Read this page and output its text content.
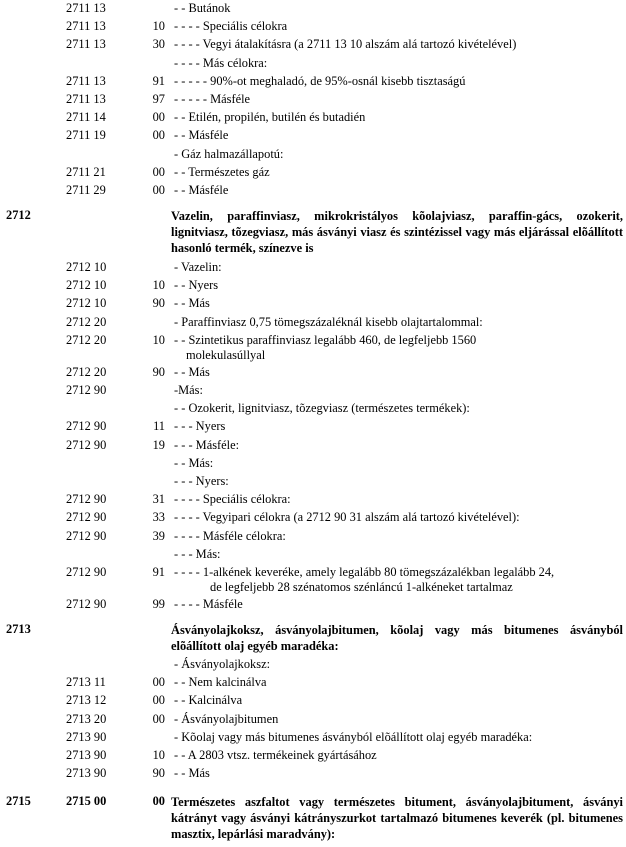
2711 13	- - Butánok
2711 13	10 - - - - Speciális célokra
2711 13	30 - - - - Vegyi átalakításra (a 2711 13 10 alszám alá tartozó kivételével)
- - - - Más célokra:
2711 13	91 - - - - - 90%-ot meghaladó, de 95%-osnál kisebb tisztaságú
2711 13	97 - - - - - Másféle
2711 14	00 - - Etilén, propilén, butilén és butadién
2711 19	00 - - Másféle
- Gáz halmazállapotú:
2711 21	00 - - Természetes gáz
2711 29	00 - - Másféle
2712	Vazelin, paraffinviasz, mikrokristályos kõolajviasz, paraffin-gács, ozokerit, lignitviasz, tõzegviasz, más ásványi viasz és szintézissel vagy más eljárással elõállított hasonló termék, színezve is
2712 10	- Vazelin:
2712 10	10 - - Nyers
2712 10	90 - - Más
2712 20	- Paraffinviasz 0,75 tömegszázaléknál kisebb olajtartalommal:
2712 20	10 - - Szintetikus paraffinviasz legalább 460, de legfeljebb 1560
molekulasúllyal
2712 20	90 - - Más
2712 90	-Más:
- - Ozokerit, lignitviasz, tõzegviasz (természetes termékek):
2712 90	11 - - - Nyers
2712 90	19 - - - Másféle:
- - Más:
- - - Nyers:
2712 90	31 - - - - Speciális célokra:
2712 90	33 - - - - Vegyipari célokra (a 2712 90 31 alszám alá tartozó kivételével):
2712 90	39 - - - - Másféle célokra:
- - - Más:
2712 90	91 - - - - 1-alkének keveréke, amely legalább 80 tömegszázalékban legalább 24,
de legfeljebb 28 szénatomos szénláncú 1-alkéneket tartalmaz
2712 90	99 - - - - Másféle
2713	Ásványolajkoksz, ásványolajbitumen, kõolaj vagy más bitumenes ásványból elõállított olaj egyéb maradéka:
- Ásványolajkoksz:
2713 11	00 - - Nem kalcinálva
2713 12	00 - - Kalcinálva
2713 20	00 - Ásványolajbitumen
2713 90	- Kõolaj vagy más bitumenes ásványból elõállított olaj egyéb maradéka:
2713 90	10 - - A 2803 vtsz. termékeinek gyártásához
2713 90	90 - - Más
2715	2715 00	00 Természetes aszfaltot vagy természetes bitument, ásványolajbitument, ásványi kátrányt vagy ásványi kátrányszurkot tartalmazó bitumenes keverék (pl. bitumenes masztix, lepárlási maradvány):
